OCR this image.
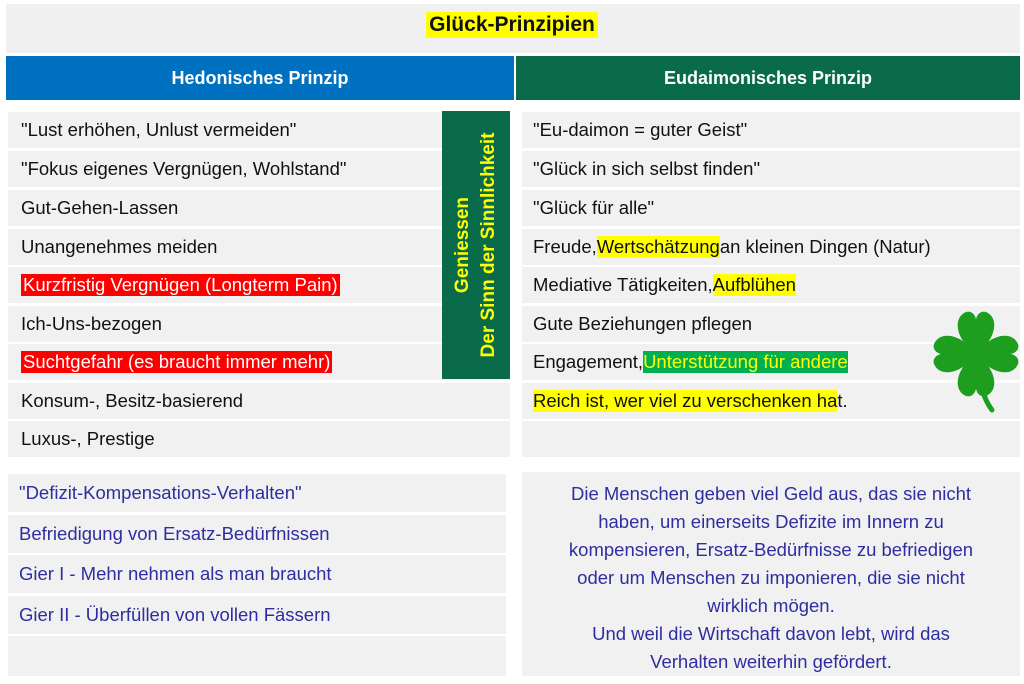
Glück-Prinzipien
Hedonisches Prinzip	Eudaimonisches Prinzip
"Lust erhöhen, Unlust vermeiden"
"Fokus eigenes Vergnügen, Wohlstand"
Gut-Gehen-Lassen
Unangenehmes meiden
Kurzfristig Vergnügen (Longterm Pain)
Ich-Uns-bezogen
Suchtgefahr (es braucht immer mehr)
Konsum-, Besitz-basierend
Luxus-, Prestige
Geniessen Der Sinn der Sinnlichkeit
"Eu-daimon = guter Geist"
"Glück in sich selbst finden"
"Glück für alle"
Freude, Wertschätzung an kleinen Dingen (Natur)
Mediative Tätigkeiten, Aufblühen
Gute Beziehungen pflegen
Engagement, Unterstützung für andere
Reich ist, wer viel zu verschenken ha t.
"Defizit-Kompensations-Verhalten"
Befriedigung von Ersatz-Bedürfnissen
Gier I - Mehr nehmen als man braucht
Gier II - Überfüllen von vollen Fässern
Die Menschen geben viel Geld aus, das sie nicht
haben, um einerseits Defizite im Innern zu
kompensieren, Ersatz-Bedürfnisse zu befriedigen
oder um Menschen zu imponieren, die sie nicht
wirklich mögen.
Und weil die Wirtschaft davon lebt, wird das
Verhalten weiterhin gefördert.
